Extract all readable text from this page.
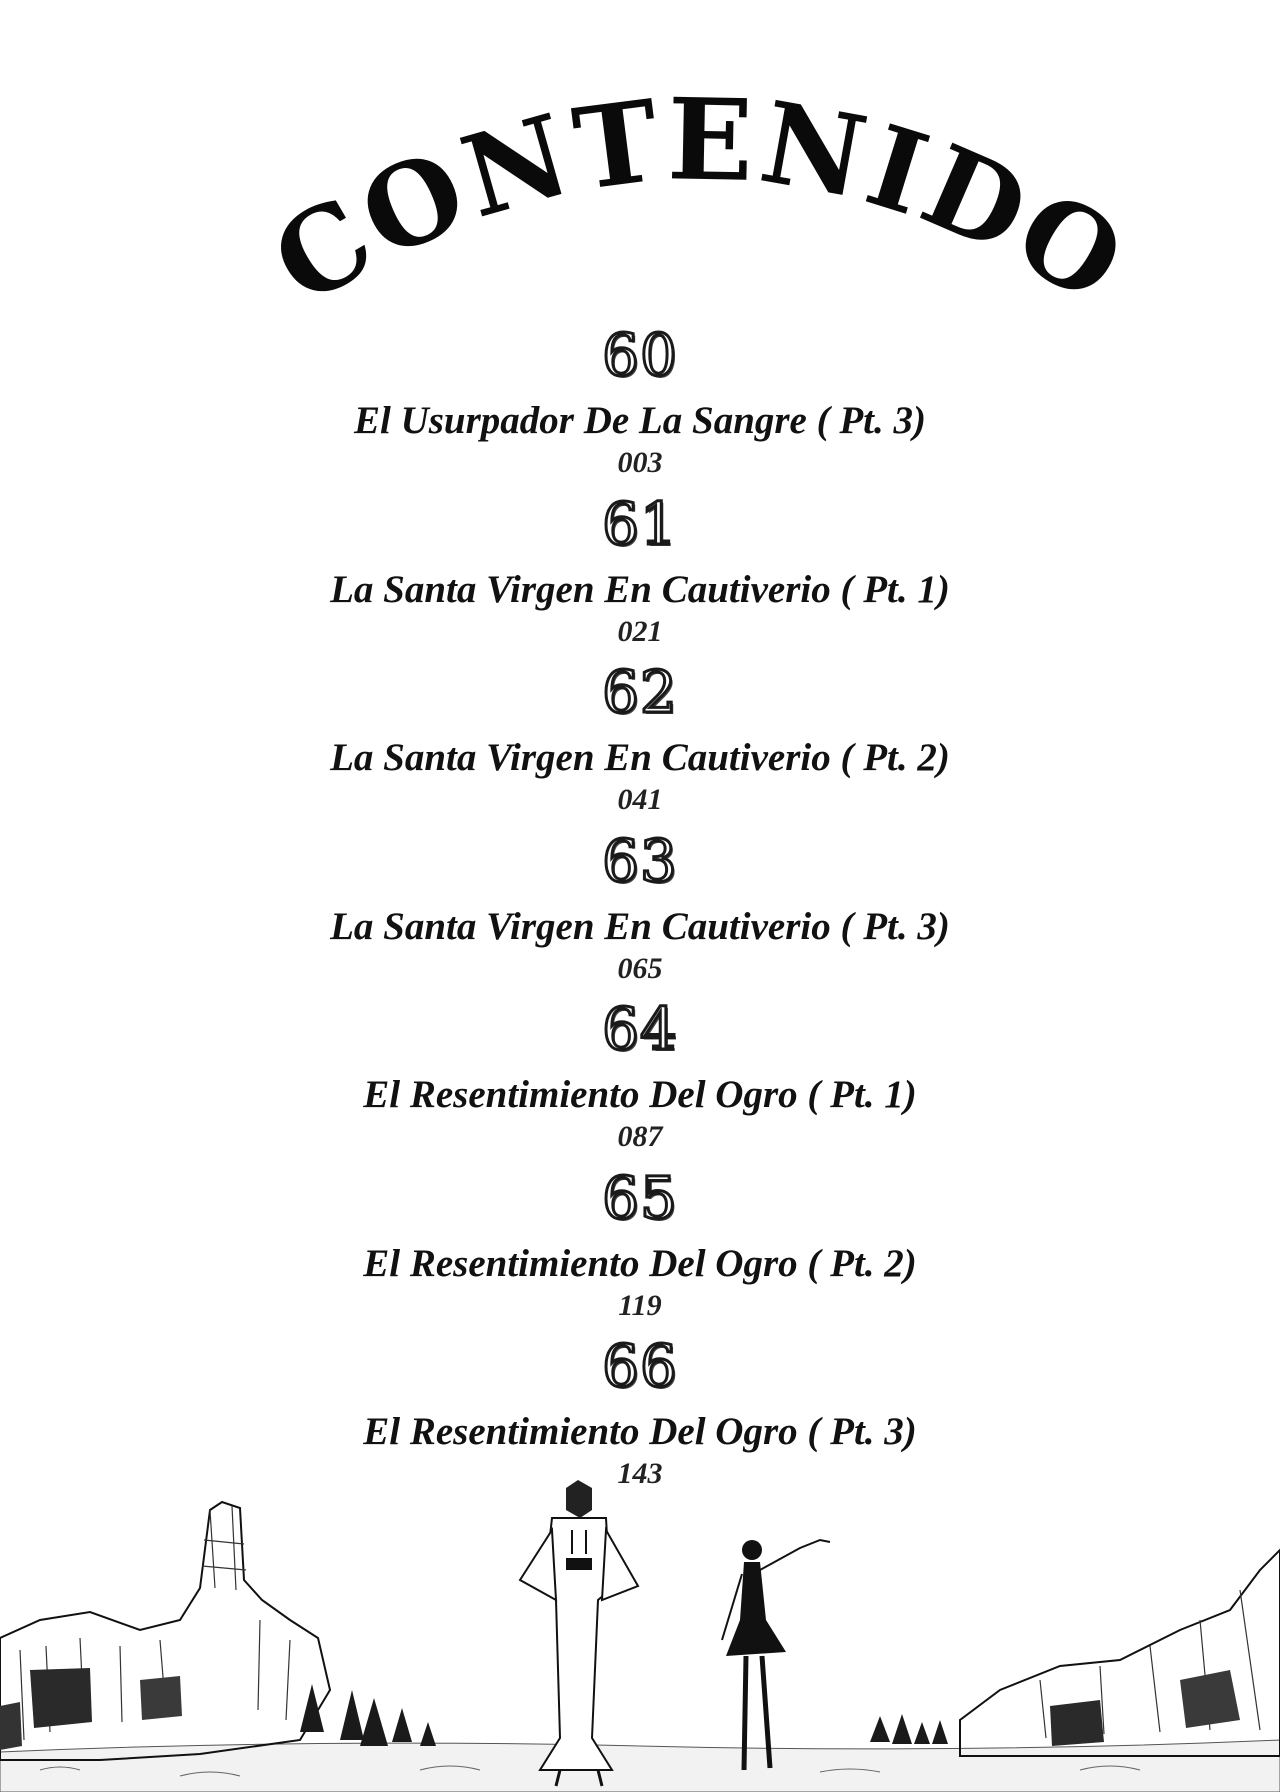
CONTENIDO
60
El Usurpador De La Sangre ( Pt. 3)
003
61
La Santa Virgen En Cautiverio ( Pt. 1)
021
62
La Santa Virgen En Cautiverio ( Pt. 2)
041
63
La Santa Virgen En Cautiverio ( Pt. 3)
065
64
El Resentimiento Del Ogro ( Pt. 1)
087
65
El Resentimiento Del Ogro ( Pt. 2)
119
66
El Resentimiento Del Ogro ( Pt. 3)
143
